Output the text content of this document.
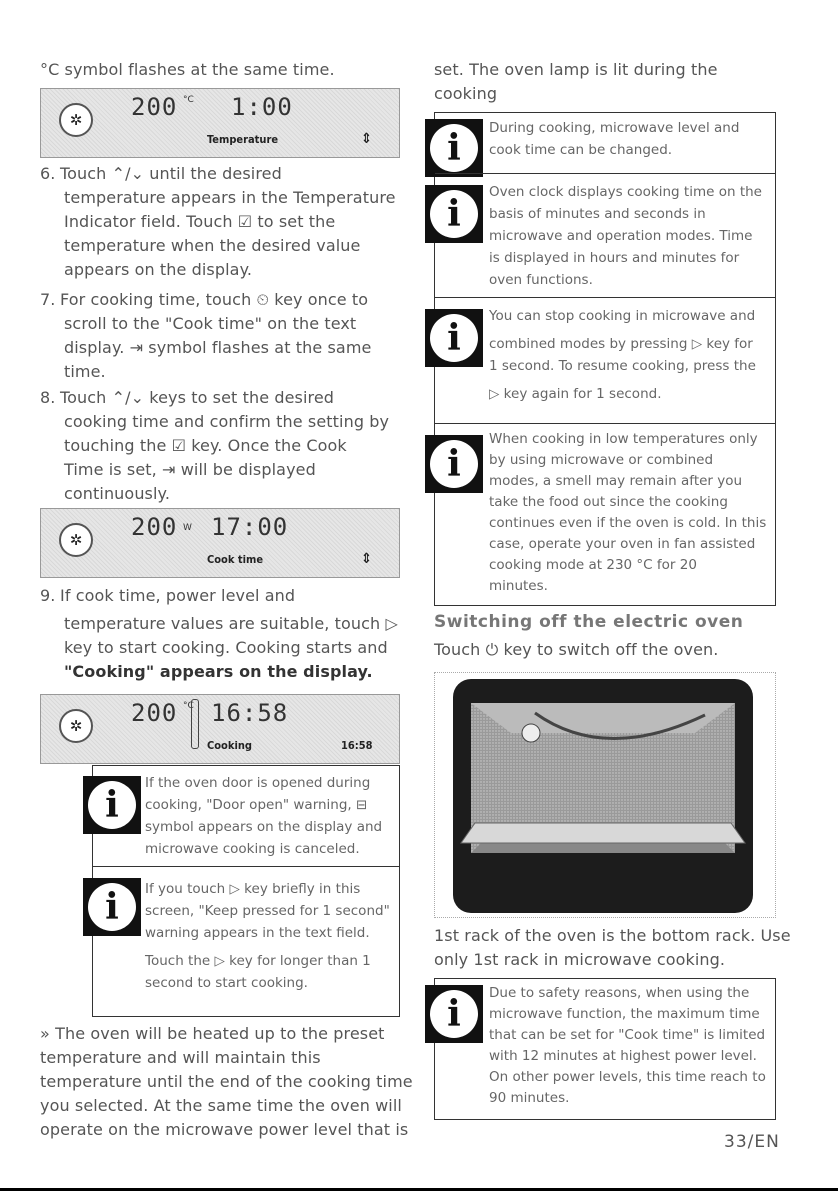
°C symbol flashes at the same time.
✲	200 °C 1:00
Temperature	⇕
6. Touch ⌃/⌄ until the desired
temperature appears in the Temperature
Indicator field. Touch ☑ to set the
temperature when the desired value
appears on the display.
7. For cooking time, touch ⏲ key once to
scroll to the "Cook time" on the text
display. ⇥ symbol flashes at the same
time.
8. Touch ⌃/⌄ keys to set the desired
cooking time and confirm the setting by
touching the ☑ key. Once the Cook
Time is set, ⇥ will be displayed
continuously.
✲	200 W 17:00
Cook time	⇕
9. If cook time, power level and
temperature values are suitable, touch ▷
key to start cooking. Cooking starts and
"Cooking" appears on the display.
✲	200 °C 16:58
Cooking	16:58
i
If the oven door is opened during
cooking, "Door open" warning, ⊟
symbol appears on the display and
microwave cooking is canceled.
i	If you touch ▷ key briefly in this
screen, "Keep pressed for 1 second"
warning appears in the text field.
Touch the ▷ key for longer than 1
second to start cooking.
» The oven will be heated up to the preset
temperature and will maintain this
temperature until the end of the cooking time
you selected. At the same time the oven will
operate on the microwave power level that is
set. The oven lamp is lit during the cooking
i	During cooking, microwave level and
cook time can be changed.
i
Oven clock displays cooking time on the
basis of minutes and seconds in
microwave and operation modes. Time
is displayed in hours and minutes for
oven functions.
i
You can stop cooking in microwave and
combined modes by pressing ▷ key for
1 second. To resume cooking, press the
▷ key again for 1 second.
i
When cooking in low temperatures only
by using microwave or combined
modes, a smell may remain after you
take the food out since the cooking
continues even if the oven is cold. In this
case, operate your oven in fan assisted
cooking mode at 230 °C for 20
minutes.
Switching off the electric oven
Touch ⏻ key to switch off the oven.
1st rack of the oven is the bottom rack. Use
only 1st rack in microwave cooking.
i	Due to safety reasons, when using the
microwave function, the maximum time
that can be set for "Cook time" is limited
with 12 minutes at highest power level.
On other power levels, this time reach to
90 minutes.
33/EN
